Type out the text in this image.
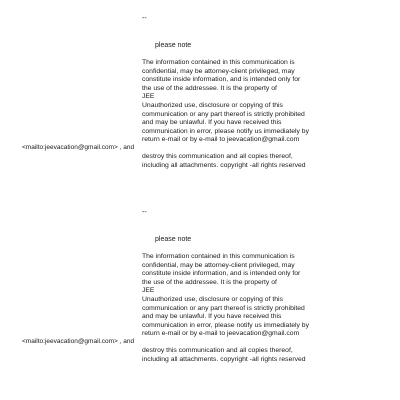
--
please note
The information contained in this communication is
confidential, may be attorney-client privileged, may
constitute inside information, and is intended only for
the use of the addressee. It is the property of
JEE
Unauthorized use, disclosure or copying of this
communication or any part thereof is strictly prohibited
and may be unlawful. If you have received this
communication in error, please notify us immediately by
return e-mail or by e-mail to jeevacation@gmail.com
<mailto:jeevacation@gmail.com> , and
destroy this communication and all copies thereof,
including all attachments. copyright -all rights reserved
--
please note
The information contained in this communication is
confidential, may be attorney-client privileged, may
constitute inside information, and is intended only for
the use of the addressee. It is the property of
JEE
Unauthorized use, disclosure or copying of this
communication or any part thereof is strictly prohibited
and may be unlawful. If you have received this
communication in error, please notify us immediately by
return e-mail or by e-mail to jeevacation@gmail.com
<mailto:jeevacation@gmail.com> , and
destroy this communication and all copies thereof,
including all attachments. copyright -all rights reserved
